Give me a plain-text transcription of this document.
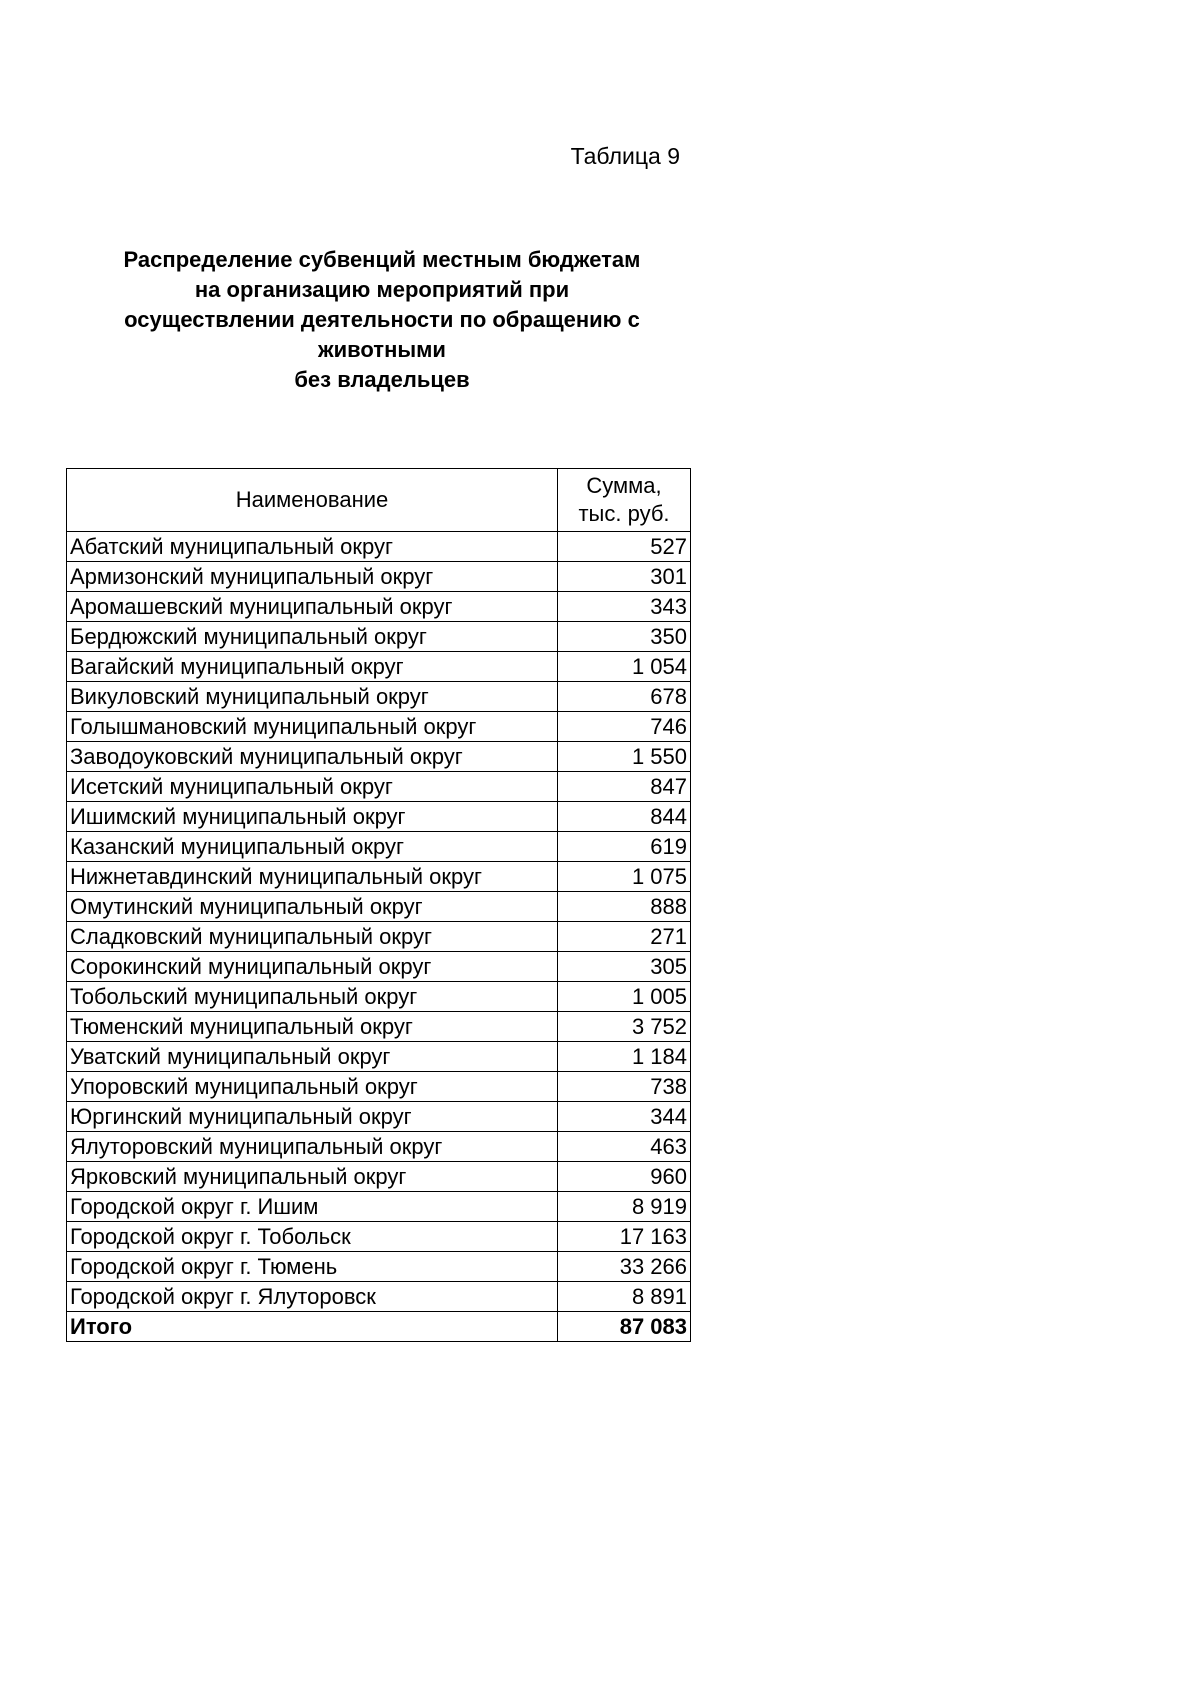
Таблица 9
Распределение субвенций местным бюджетам
на организацию мероприятий при
осуществлении деятельности по обращению с
животными
без владельцев
Наименование	Сумма,
тыс. руб.

Абатский муниципальный округ	527
Армизонский муниципальный округ	301
Аромашевский муниципальный округ	343
Бердюжский муниципальный округ	350
Вагайский муниципальный округ	1 054
Викуловский муниципальный округ	678
Голышмановский муниципальный округ	746
Заводоуковский муниципальный округ	1 550
Исетский муниципальный округ	847
Ишимский муниципальный округ	844
Казанский муниципальный округ	619
Нижнетавдинский муниципальный округ	1 075
Омутинский муниципальный округ	888
Сладковский муниципальный округ	271
Сорокинский муниципальный округ	305
Тобольский муниципальный округ	1 005
Тюменский муниципальный округ	3 752
Уватский муниципальный округ	1 184
Упоровский муниципальный округ	738
Юргинский муниципальный округ	344
Ялуторовский муниципальный округ	463
Ярковский муниципальный округ	960
Городской округ г. Ишим	8 919
Городской округ г. Тобольск	17 163
Городской округ г. Тюмень	33 266
Городской округ г. Ялуторовск	8 891
Итого	87 083
